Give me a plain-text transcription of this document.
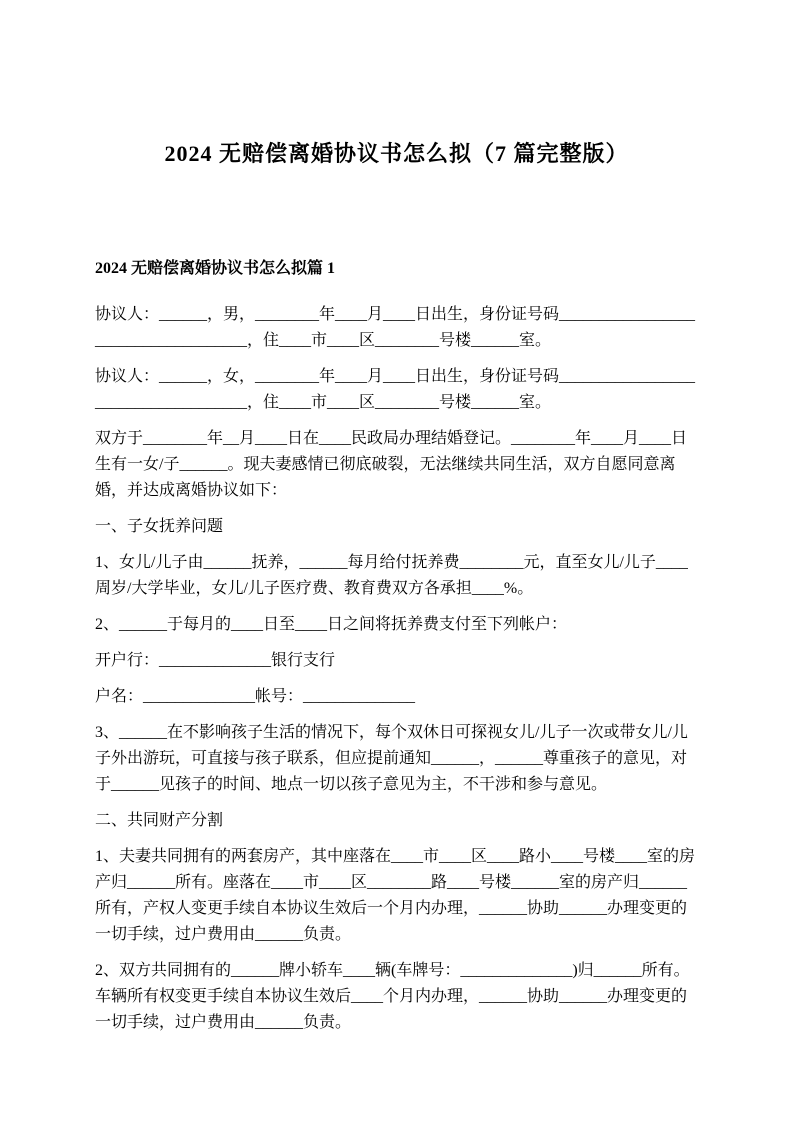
2024 无赔偿离婚协议书怎么拟（7 篇完整版）
2024 无赔偿离婚协议书怎么拟篇 1

协议人：______，男，________年____月____日出生，身份证号码____________________________________，住____市____区________号楼______室。

协议人：______，女，________年____月____日出生，身份证号码____________________________________，住____市____区________号楼______室。

双方于________年__月____日在____民政局办理结婚登记。________年____月____日生有一女/子______。现夫妻感情已彻底破裂，无法继续共同生活，双方自愿同意离婚，并达成离婚协议如下：

一、子女抚养问题

1、女儿/儿子由______抚养，______每月给付抚养费________元，直至女儿/儿子____周岁/大学毕业，女儿/儿子医疗费、教育费双方各承担____%。

2、______于每月的____日至____日之间将抚养费支付至下列帐户：

开户行：______________银行支行

户名：______________帐号：______________

3、______在不影响孩子生活的情况下，每个双休日可探视女儿/儿子一次或带女儿/儿子外出游玩，可直接与孩子联系，但应提前通知______，______尊重孩子的意见，对于______见孩子的时间、地点一切以孩子意见为主，不干涉和参与意见。

二、共同财产分割

1、夫妻共同拥有的两套房产，其中座落在____市____区____路小____号楼____室的房产归______所有。座落在____市____区________路____号楼______室的房产归______所有，产权人变更手续自本协议生效后一个月内办理，______协助______办理变更的一切手续，过户费用由______负责。

2、双方共同拥有的______牌小轿车____辆(车牌号：______________)归______所有。车辆所有权变更手续自本协议生效后____个月内办理，______协助______办理变更的一切手续，过户费用由______负责。
